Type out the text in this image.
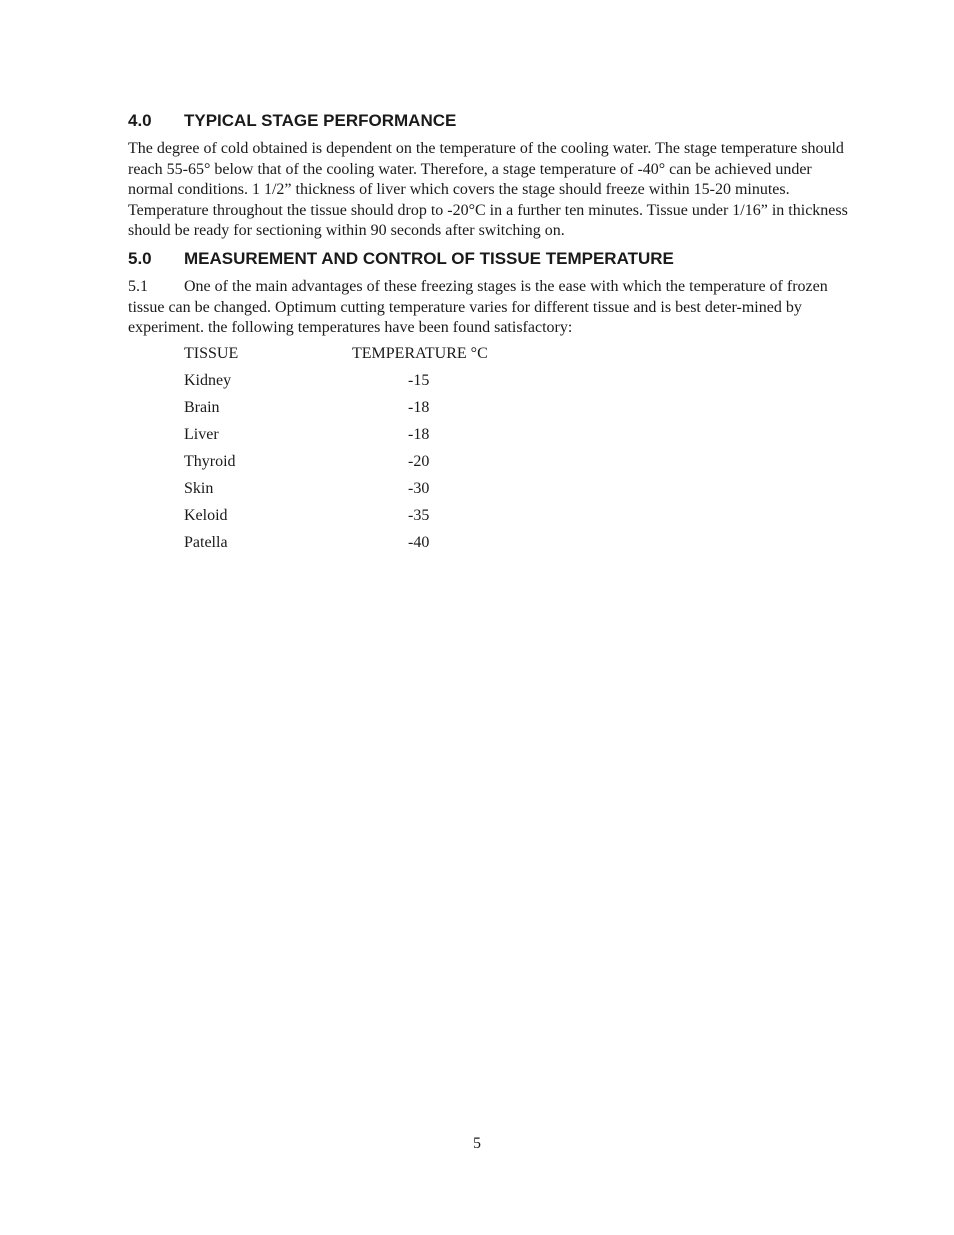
4.0 TYPICAL STAGE PERFORMANCE

The degree of cold obtained is dependent on the temperature of the cooling water. The stage temperature should reach 55-65° below that of the cooling water. Therefore, a stage temperature of -40° can be achieved under normal conditions. 1 1/2” thickness of liver which covers the stage should freeze within 15-20 minutes. Temperature throughout the tissue should drop to -20°C in a further ten minutes. Tissue under 1/16” in thickness should be ready for sectioning within 90 seconds after switching on.

5.0 MEASUREMENT AND CONTROL OF TISSUE TEMPERATURE

5.1 One of the main advantages of these freezing stages is the ease with which the temperature of frozen tissue can be changed. Optimum cutting temperature varies for different tissue and is best deter-mined by experiment. the following temperatures have been found satisfactory:

TISSUE	TEMPERATURE °C
Kidney	-15
Brain	-18
Liver	-18
Thyroid	-20
Skin	-30
Keloid	-35
Patella	-40
5
